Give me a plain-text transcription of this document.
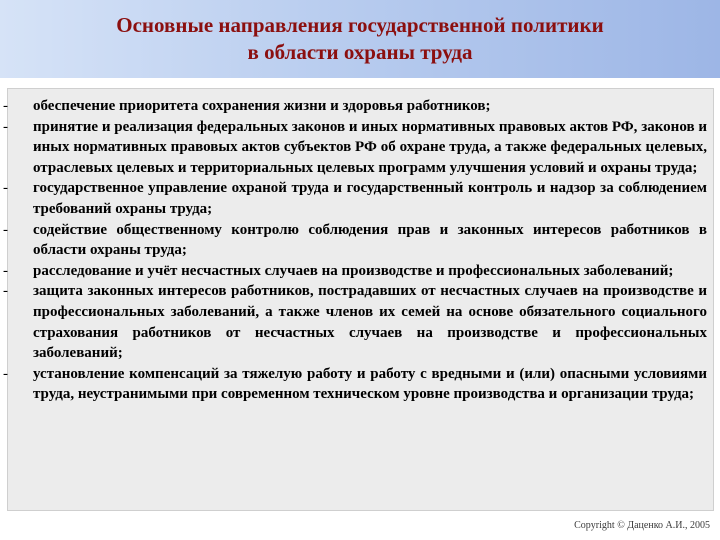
Основные направления государственной политики
в области охраны труда
- обеспечение приоритета сохранения жизни и здоровья работников;
- принятие и реализация федеральных законов и иных нормативных правовых актов РФ, законов и иных нормативных правовых актов субъектов РФ об охране труда, а также федеральных целевых, отраслевых целевых и территориальных целевых программ улучшения условий и охраны труда;
- государственное управление охраной труда и государственный контроль и надзор за соблюдением требований охраны труда;
- содействие общественному контролю соблюдения прав и законных интересов работников в области охраны труда;
- расследование и учёт несчастных случаев на производстве и профессиональных заболеваний;
- защита законных интересов работников, пострадавших от несчастных случаев на производстве и профессиональных заболеваний, а также членов их семей на основе обязательного социального страхования работников от несчастных случаев на производстве и профессиональных заболеваний;
- установление компенсаций за тяжелую работу и работу с вредными и (или) опасными условиями труда, неустранимыми при современном техническом уровне производства и организации труда;
Copyright © Даценко А.И., 2005
